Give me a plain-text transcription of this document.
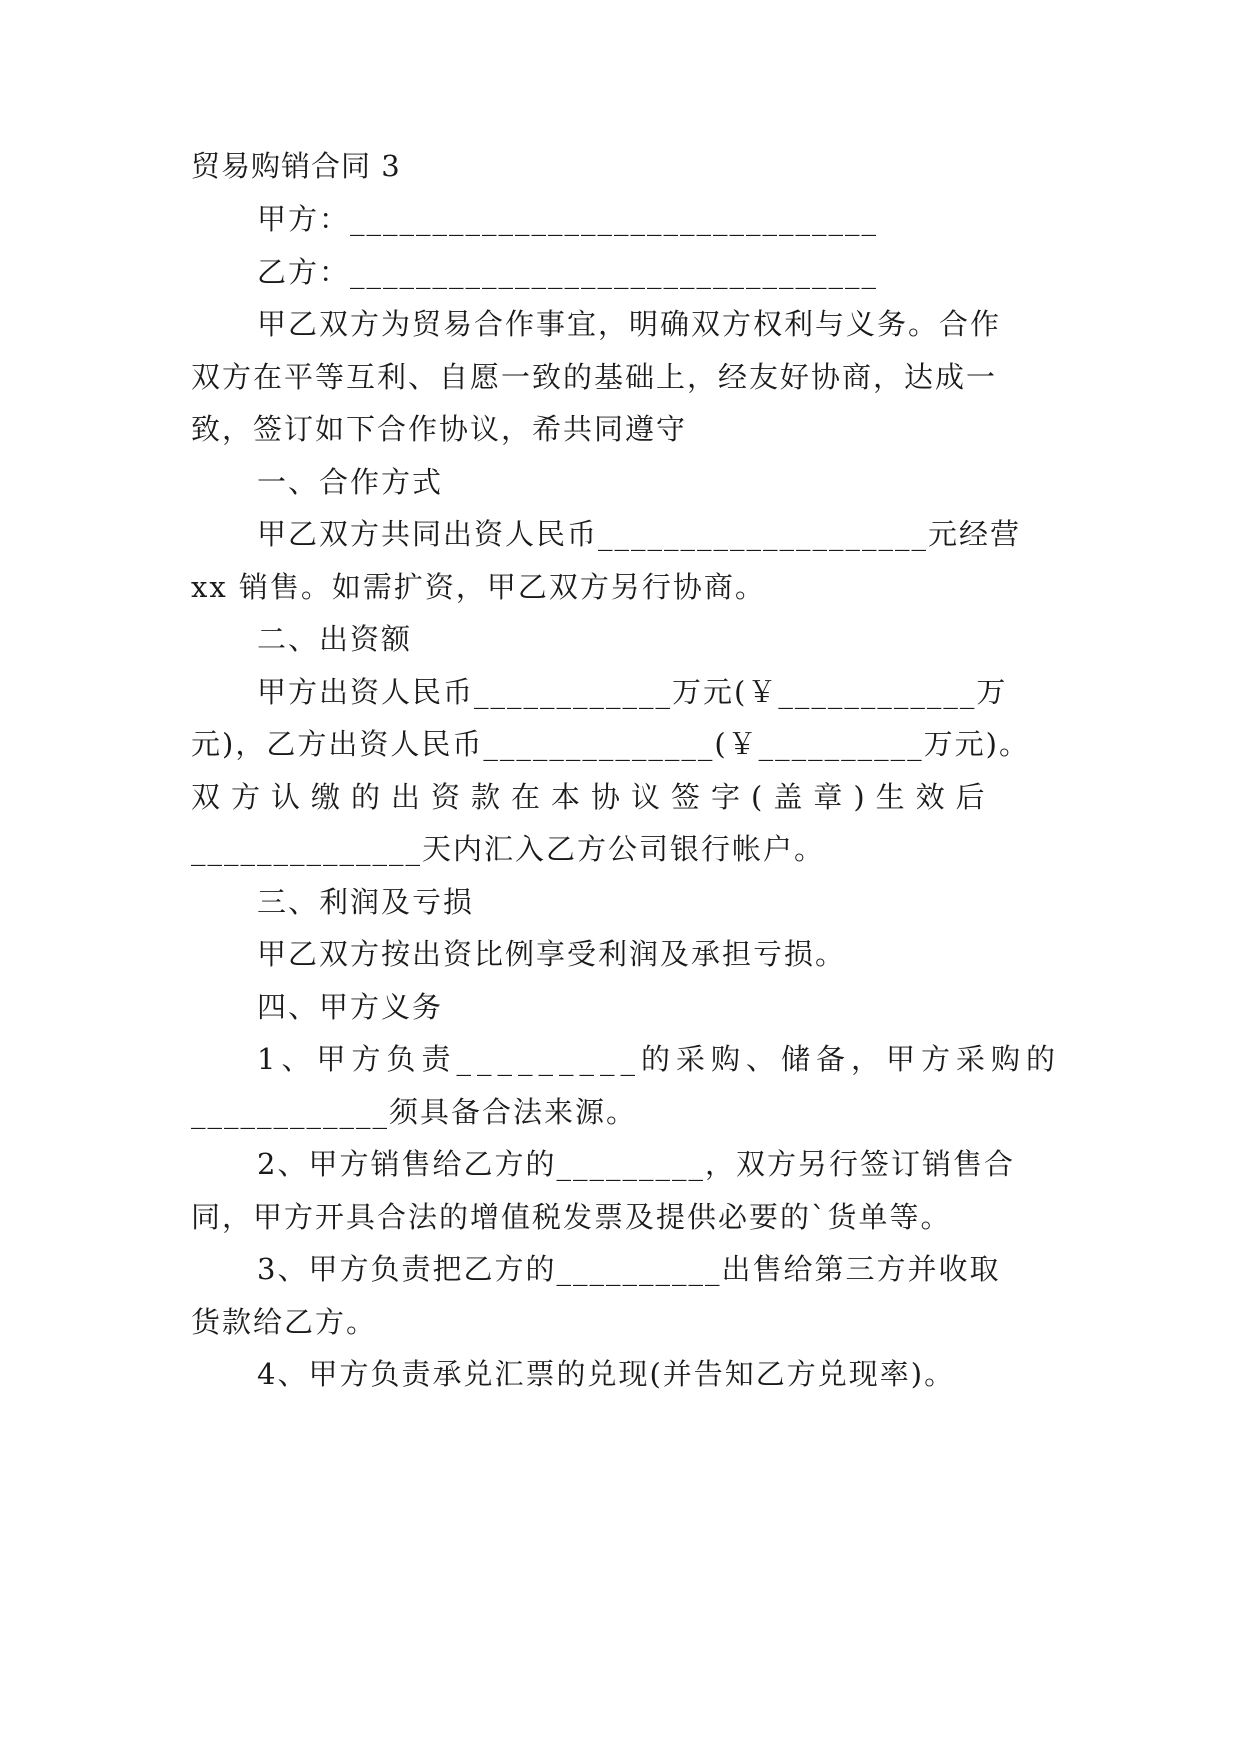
贸易购销合同 3
甲方：________________________________
乙方：________________________________
甲乙双方为贸易合作事宜，明确双方权利与义务。合作
双方在平等互利、自愿一致的基础上，经友好协商，达成一
致，签订如下合作协议，希共同遵守
一、合作方式
甲乙双方共同出资人民币____________________元经营
xx 销售。如需扩资，甲乙双方另行协商。
二、出资额
甲方出资人民币____________万元(￥____________万
元)，乙方出资人民币______________(￥__________万元)。
双方认缴的出资款在本协议签字(盖章)生效后
______________天内汇入乙方公司银行帐户。
三、利润及亏损
甲乙双方按出资比例享受利润及承担亏损。
四、甲方义务
1、甲方负责_________的采购、储备，甲方采购的
____________须具备合法来源。
2、甲方销售给乙方的_________，双方另行签订销售合
同，甲方开具合法的增值税发票及提供必要的`货单等。
3、甲方负责把乙方的__________出售给第三方并收取
货款给乙方。
4、甲方负责承兑汇票的兑现(并告知乙方兑现率)。
